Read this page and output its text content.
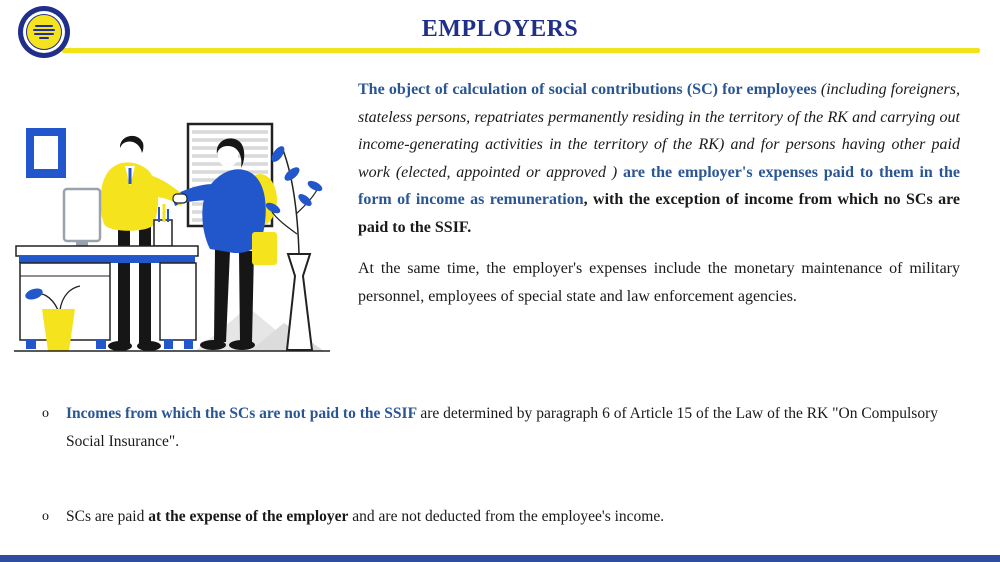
EMPLOYERS

The object of calculation of social contributions (SC) for employees (including foreigners, stateless persons, repatriates permanently residing in the territory of the RK and carrying out income-generating activities in the territory of the RK) and for persons having other paid work (elected, appointed or approved ) are the employer's expenses paid to them in the form of income as remuneration, with the exception of income from which no SCs are paid to the SSIF.

At the same time, the employer's expenses include the monetary maintenance of military personnel, employees of special state and law enforcement agencies.

o Incomes from which the SCs are not paid to the SSIF are determined by paragraph 6 of Article 15 of the Law of the RK "On Compulsory Social Insurance".

o SCs are paid at the expense of the employer and are not deducted from the employee's income.
